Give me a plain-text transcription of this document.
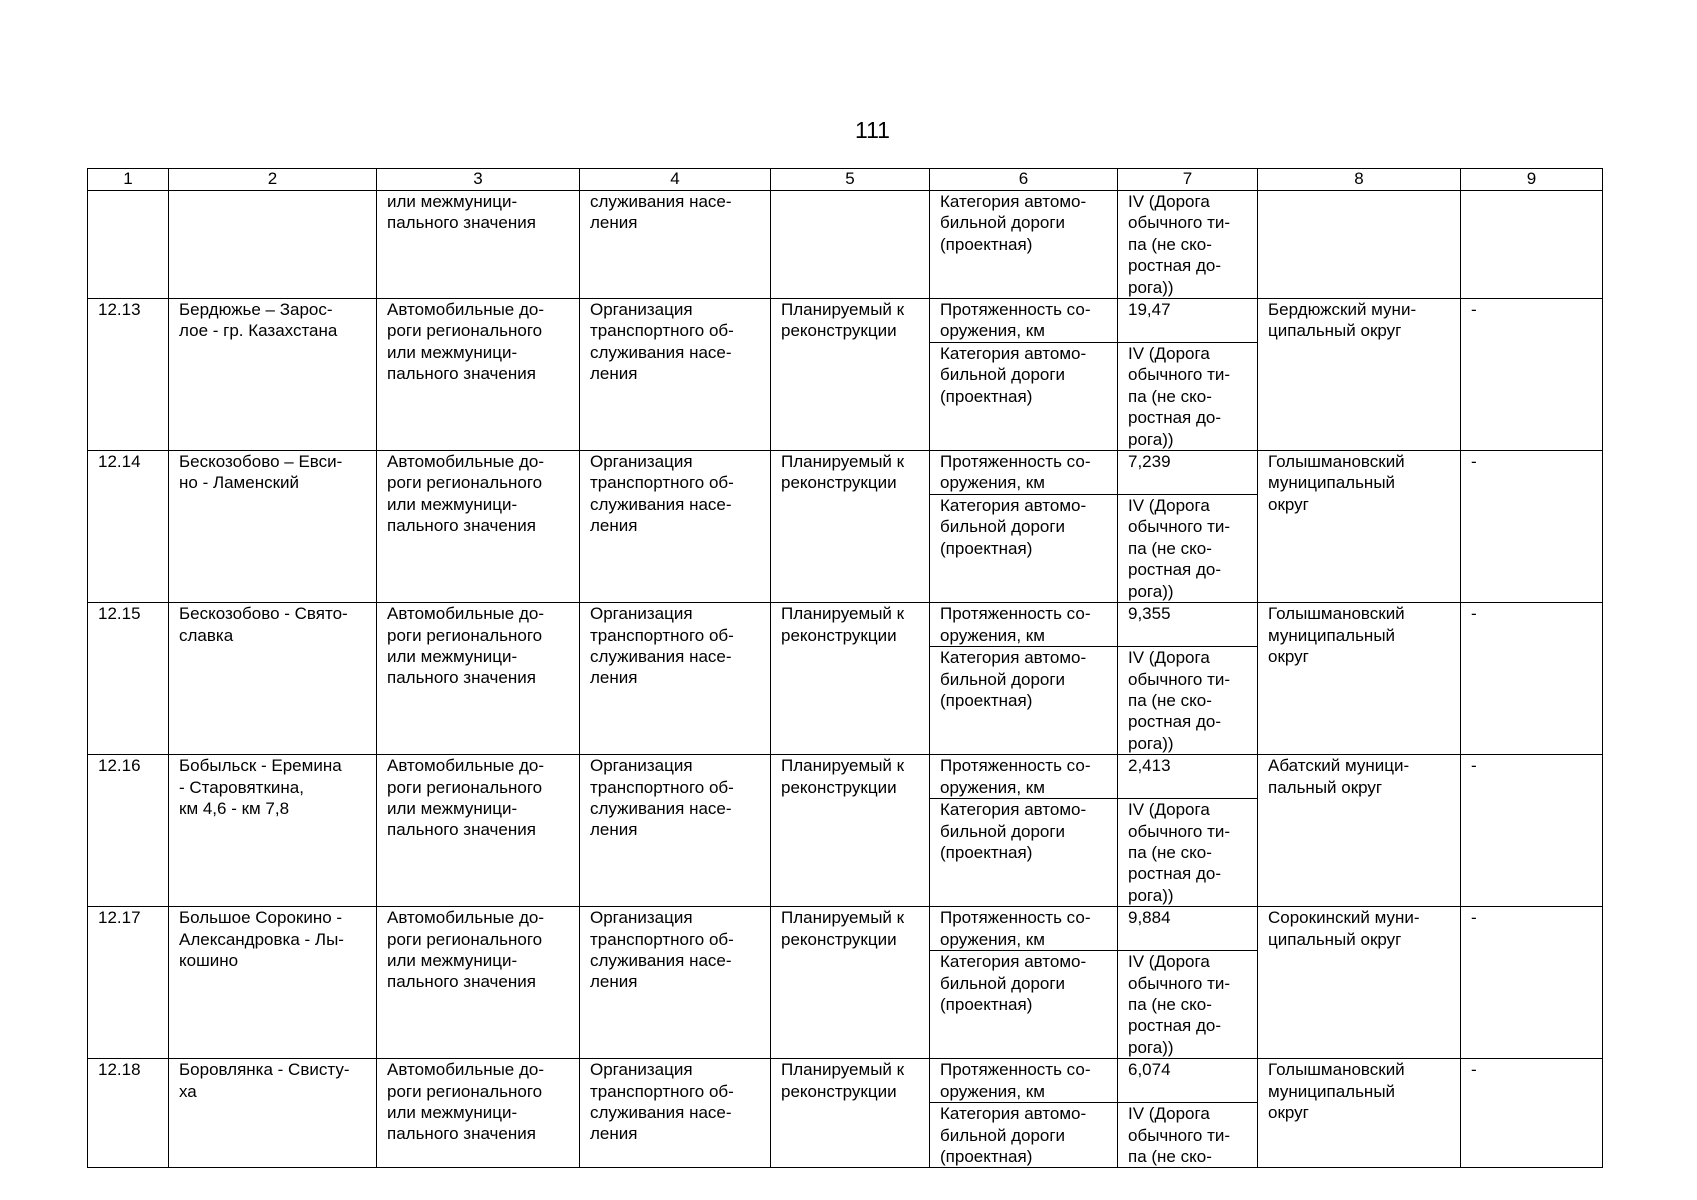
111
1	2	3	4	5	6	7	8	9
		или межмуници-
пального значения	служивания насе-
ления		Категория автомо-
бильной дороги
(проектная)	IV (Дорога
обычного ти-
па (не ско-
ростная до-
рога))		
12.13	Бердюжье – Зарос-
лое - гр. Казахстана	Автомобильные до-
роги регионального
или межмуници-
пального значения	Организация
транспортного об-
служивания насе-
ления	Планируемый к
реконструкции	Протяженность со-
оружения, км	19,47	Бердюжский муни-
ципальный округ	-
					Категория автомо-
бильной дороги
(проектная)	IV (Дорога
обычного ти-
па (не ско-
ростная до-
рога))		
12.14	Бескозобово – Евси-
но - Ламенский	Автомобильные до-
роги регионального
или межмуници-
пального значения	Организация
транспортного об-
служивания насе-
ления	Планируемый к
реконструкции	Протяженность со-
оружения, км	7,239	Голышмановский
муниципальный
округ	-
					Категория автомо-
бильной дороги
(проектная)	IV (Дорога
обычного ти-
па (не ско-
ростная до-
рога))		
12.15	Бескозобово - Свято-
славка	Автомобильные до-
роги регионального
или межмуници-
пального значения	Организация
транспортного об-
служивания насе-
ления	Планируемый к
реконструкции	Протяженность со-
оружения, км	9,355	Голышмановский
муниципальный
округ	-
					Категория автомо-
бильной дороги
(проектная)	IV (Дорога
обычного ти-
па (не ско-
ростная до-
рога))		
12.16	Бобыльск - Еремина
- Старовяткина,
км 4,6 - км 7,8	Автомобильные до-
роги регионального
или межмуници-
пального значения	Организация
транспортного об-
служивания насе-
ления	Планируемый к
реконструкции	Протяженность со-
оружения, км	2,413	Абатский муници-
пальный округ	-
					Категория автомо-
бильной дороги
(проектная)	IV (Дорога
обычного ти-
па (не ско-
ростная до-
рога))		
12.17	Большое Сорокино -
Александровка - Лы-
кошино	Автомобильные до-
роги регионального
или межмуници-
пального значения	Организация
транспортного об-
служивания насе-
ления	Планируемый к
реконструкции	Протяженность со-
оружения, км	9,884	Сорокинский муни-
ципальный округ	-
					Категория автомо-
бильной дороги
(проектная)	IV (Дорога
обычного ти-
па (не ско-
ростная до-
рога))		
12.18	Боровлянка - Свисту-
ха	Автомобильные до-
роги регионального
или межмуници-
пального значения	Организация
транспортного об-
служивания насе-
ления	Планируемый к
реконструкции	Протяженность со-
оружения, км	6,074	Голышмановский
муниципальный
округ	-
					Категория автомо-
бильной дороги
(проектная)	IV (Дорога
обычного ти-
па (не ско-		
